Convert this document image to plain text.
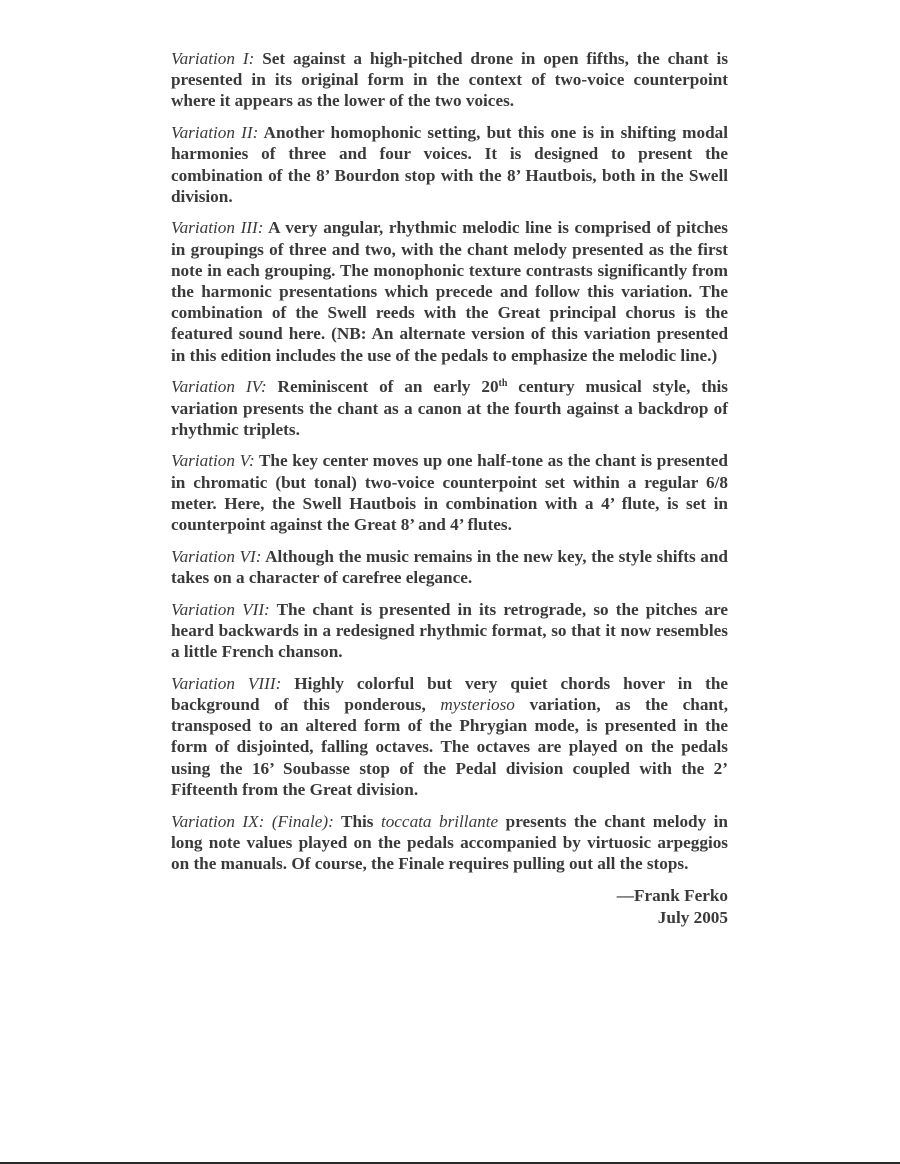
Variation I: Set against a high-pitched drone in open fifths, the chant is presented in its original form in the context of two-voice counterpoint where it appears as the lower of the two voices.

Variation II: Another homophonic setting, but this one is in shifting modal harmonies of three and four voices. It is designed to present the combination of the 8’ Bourdon stop with the 8’ Hautbois, both in the Swell division.

Variation III: A very angular, rhythmic melodic line is comprised of pitches in groupings of three and two, with the chant melody presented as the first note in each grouping. The monophonic texture contrasts significantly from the harmonic presentations which precede and follow this variation. The combination of the Swell reeds with the Great principal chorus is the featured sound here. (NB: An alternate version of this variation presented in this edition includes the use of the pedals to emphasize the melodic line.)

Variation IV: Reminiscent of an early 20th century musical style, this variation presents the chant as a canon at the fourth against a backdrop of rhythmic triplets.

Variation V: The key center moves up one half-tone as the chant is presented in chromatic (but tonal) two-voice counterpoint set within a regular 6/8 meter. Here, the Swell Hautbois in combination with a 4’ flute, is set in counterpoint against the Great 8’ and 4’ flutes.

Variation VI: Although the music remains in the new key, the style shifts and takes on a character of carefree elegance.

Variation VII: The chant is presented in its retrograde, so the pitches are heard backwards in a redesigned rhythmic format, so that it now resembles a little French chanson.

Variation VIII: Highly colorful but very quiet chords hover in the background of this ponderous, mysterioso variation, as the chant, transposed to an altered form of the Phrygian mode, is presented in the form of disjointed, falling octaves. The octaves are played on the pedals using the 16’ Soubasse stop of the Pedal division coupled with the 2’ Fifteenth from the Great division.

Variation IX: (Finale): This toccata brillante presents the chant melody in long note values played on the pedals accompanied by virtuosic arpeggios on the manuals. Of course, the Finale requires pulling out all the stops.

—Frank Ferko
July 2005
